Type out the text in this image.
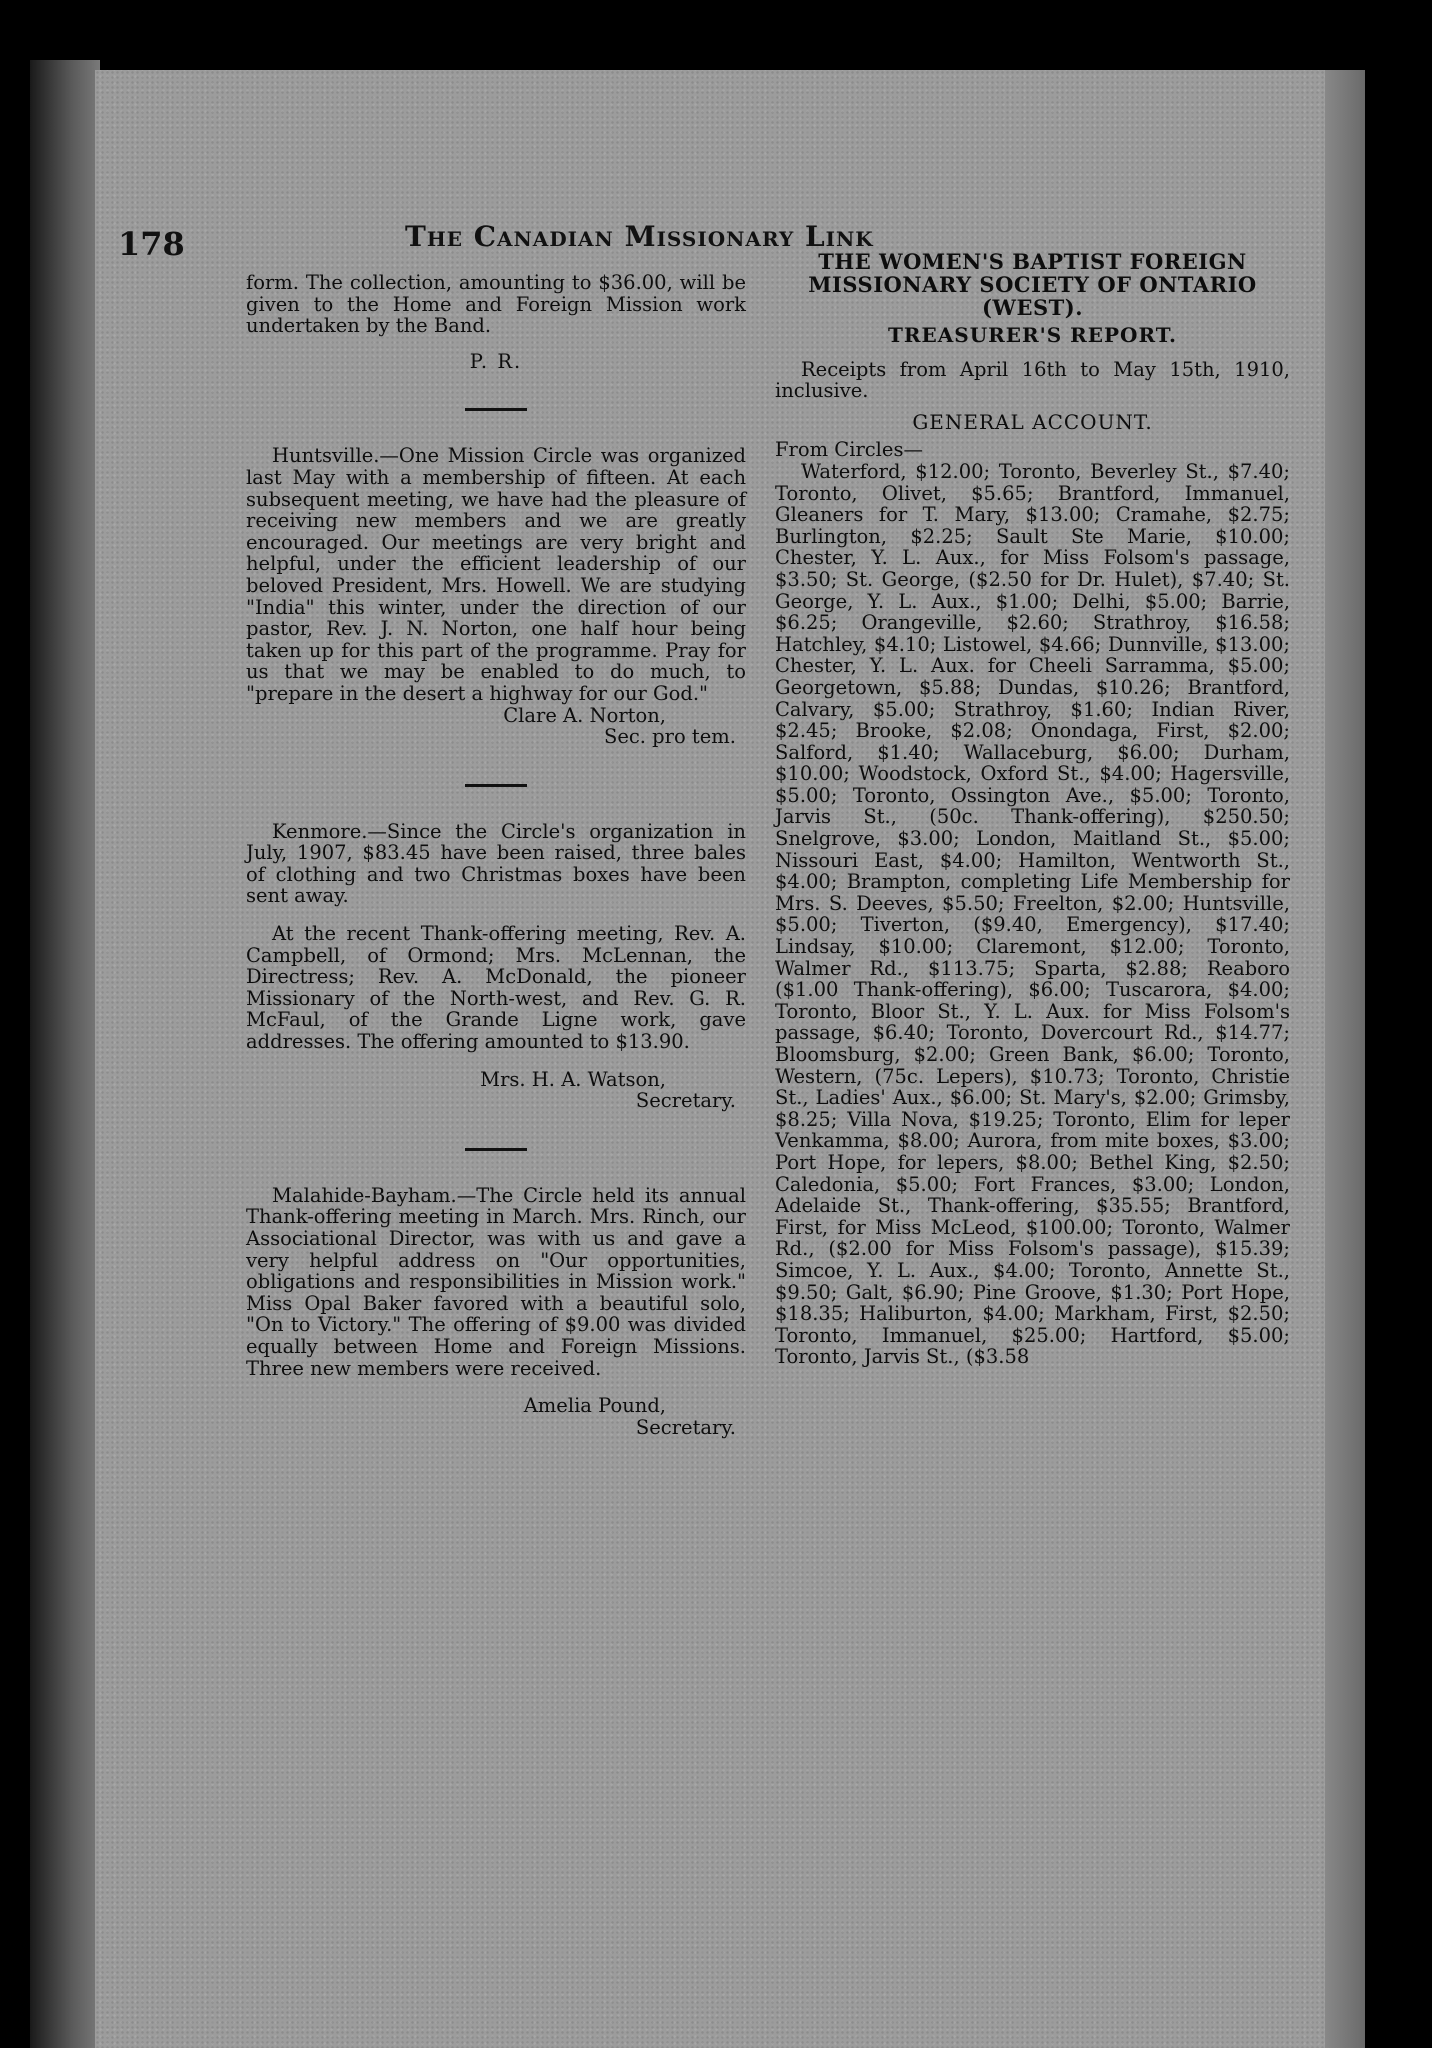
178	The Canadian Missionary Link

form. The collection, amounting to $36.00, will be given to the Home and Foreign Mission work undertaken by the Band.

P. R.

Huntsville.—One Mission Circle was organized last May with a membership of fifteen. At each subsequent meeting, we have had the pleasure of receiving new members and we are greatly encouraged. Our meetings are very bright and helpful, under the efficient leadership of our beloved President, Mrs. Howell. We are studying "India" this winter, under the direction of our pastor, Rev. J. N. Norton, one half hour being taken up for this part of the programme. Pray for us that we may be enabled to do much, to "prepare in the desert a highway for our God."

Clare A. Norton,

Sec. pro tem.

Kenmore.—Since the Circle's organization in July, 1907, $83.45 have been raised, three bales of clothing and two Christmas boxes have been sent away.

At the recent Thank-offering meeting, Rev. A. Campbell, of Ormond; Mrs. McLennan, the Directress; Rev. A. McDonald, the pioneer Missionary of the North-west, and Rev. G. R. McFaul, of the Grande Ligne work, gave addresses. The offering amounted to $13.90.

Mrs. H. A. Watson,

Secretary.

Malahide-Bayham.—The Circle held its annual Thank-offering meeting in March. Mrs. Rinch, our Associational Director, was with us and gave a very helpful address on "Our opportunities, obligations and responsibilities in Mission work." Miss Opal Baker favored with a beautiful solo, "On to Victory." The offering of $9.00 was divided equally between Home and Foreign Missions. Three new members were received.

Amelia Pound,

Secretary.

THE WOMEN'S BAPTIST FOREIGN MISSIONARY SOCIETY OF ONTARIO (WEST).

TREASURER'S REPORT.

Receipts from April 16th to May 15th, 1910, inclusive.

GENERAL ACCOUNT.

From Circles—

Waterford, $12.00; Toronto, Beverley St., $7.40; Toronto, Olivet, $5.65; Brantford, Immanuel, Gleaners for T. Mary, $13.00; Cramahe, $2.75; Burlington, $2.25; Sault Ste Marie, $10.00; Chester, Y. L. Aux., for Miss Folsom's passage, $3.50; St. George, ($2.50 for Dr. Hulet), $7.40; St. George, Y. L. Aux., $1.00; Delhi, $5.00; Barrie, $6.25; Orangeville, $2.60; Strathroy, $16.58; Hatchley, $4.10; Listowel, $4.66; Dunnville, $13.00; Chester, Y. L. Aux. for Cheeli Sarramma, $5.00; Georgetown, $5.88; Dundas, $10.26; Brantford, Calvary, $5.00; Strathroy, $1.60; Indian River, $2.45; Brooke, $2.08; Onondaga, First, $2.00; Salford, $1.40; Wallaceburg, $6.00; Durham, $10.00; Woodstock, Oxford St., $4.00; Hagersville, $5.00; Toronto, Ossington Ave., $5.00; Toronto, Jarvis St., (50c. Thank-offering), $250.50; Snelgrove, $3.00; London, Maitland St., $5.00; Nissouri East, $4.00; Hamilton, Wentworth St., $4.00; Brampton, completing Life Membership for Mrs. S. Deeves, $5.50; Freelton, $2.00; Huntsville, $5.00; Tiverton, ($9.40, Emergency), $17.40; Lindsay, $10.00; Claremont, $12.00; Toronto, Walmer Rd., $113.75; Sparta, $2.88; Reaboro ($1.00 Thank-offering), $6.00; Tuscarora, $4.00; Toronto, Bloor St., Y. L. Aux. for Miss Folsom's passage, $6.40; Toronto, Dovercourt Rd., $14.77; Bloomsburg, $2.00; Green Bank, $6.00; Toronto, Western, (75c. Lepers), $10.73; Toronto, Christie St., Ladies' Aux., $6.00; St. Mary's, $2.00; Grimsby, $8.25; Villa Nova, $19.25; Toronto, Elim for leper Venkamma, $8.00; Aurora, from mite boxes, $3.00; Port Hope, for lepers, $8.00; Bethel King, $2.50; Caledonia, $5.00; Fort Frances, $3.00; London, Adelaide St., Thank-offering, $35.55; Brantford, First, for Miss McLeod, $100.00; Toronto, Walmer Rd., ($2.00 for Miss Folsom's passage), $15.39; Simcoe, Y. L. Aux., $4.00; Toronto, Annette St., $9.50; Galt, $6.90; Pine Groove, $1.30; Port Hope, $18.35; Haliburton, $4.00; Markham, First, $2.50; Toronto, Immanuel, $25.00; Hartford, $5.00; Toronto, Jarvis St., ($3.58
